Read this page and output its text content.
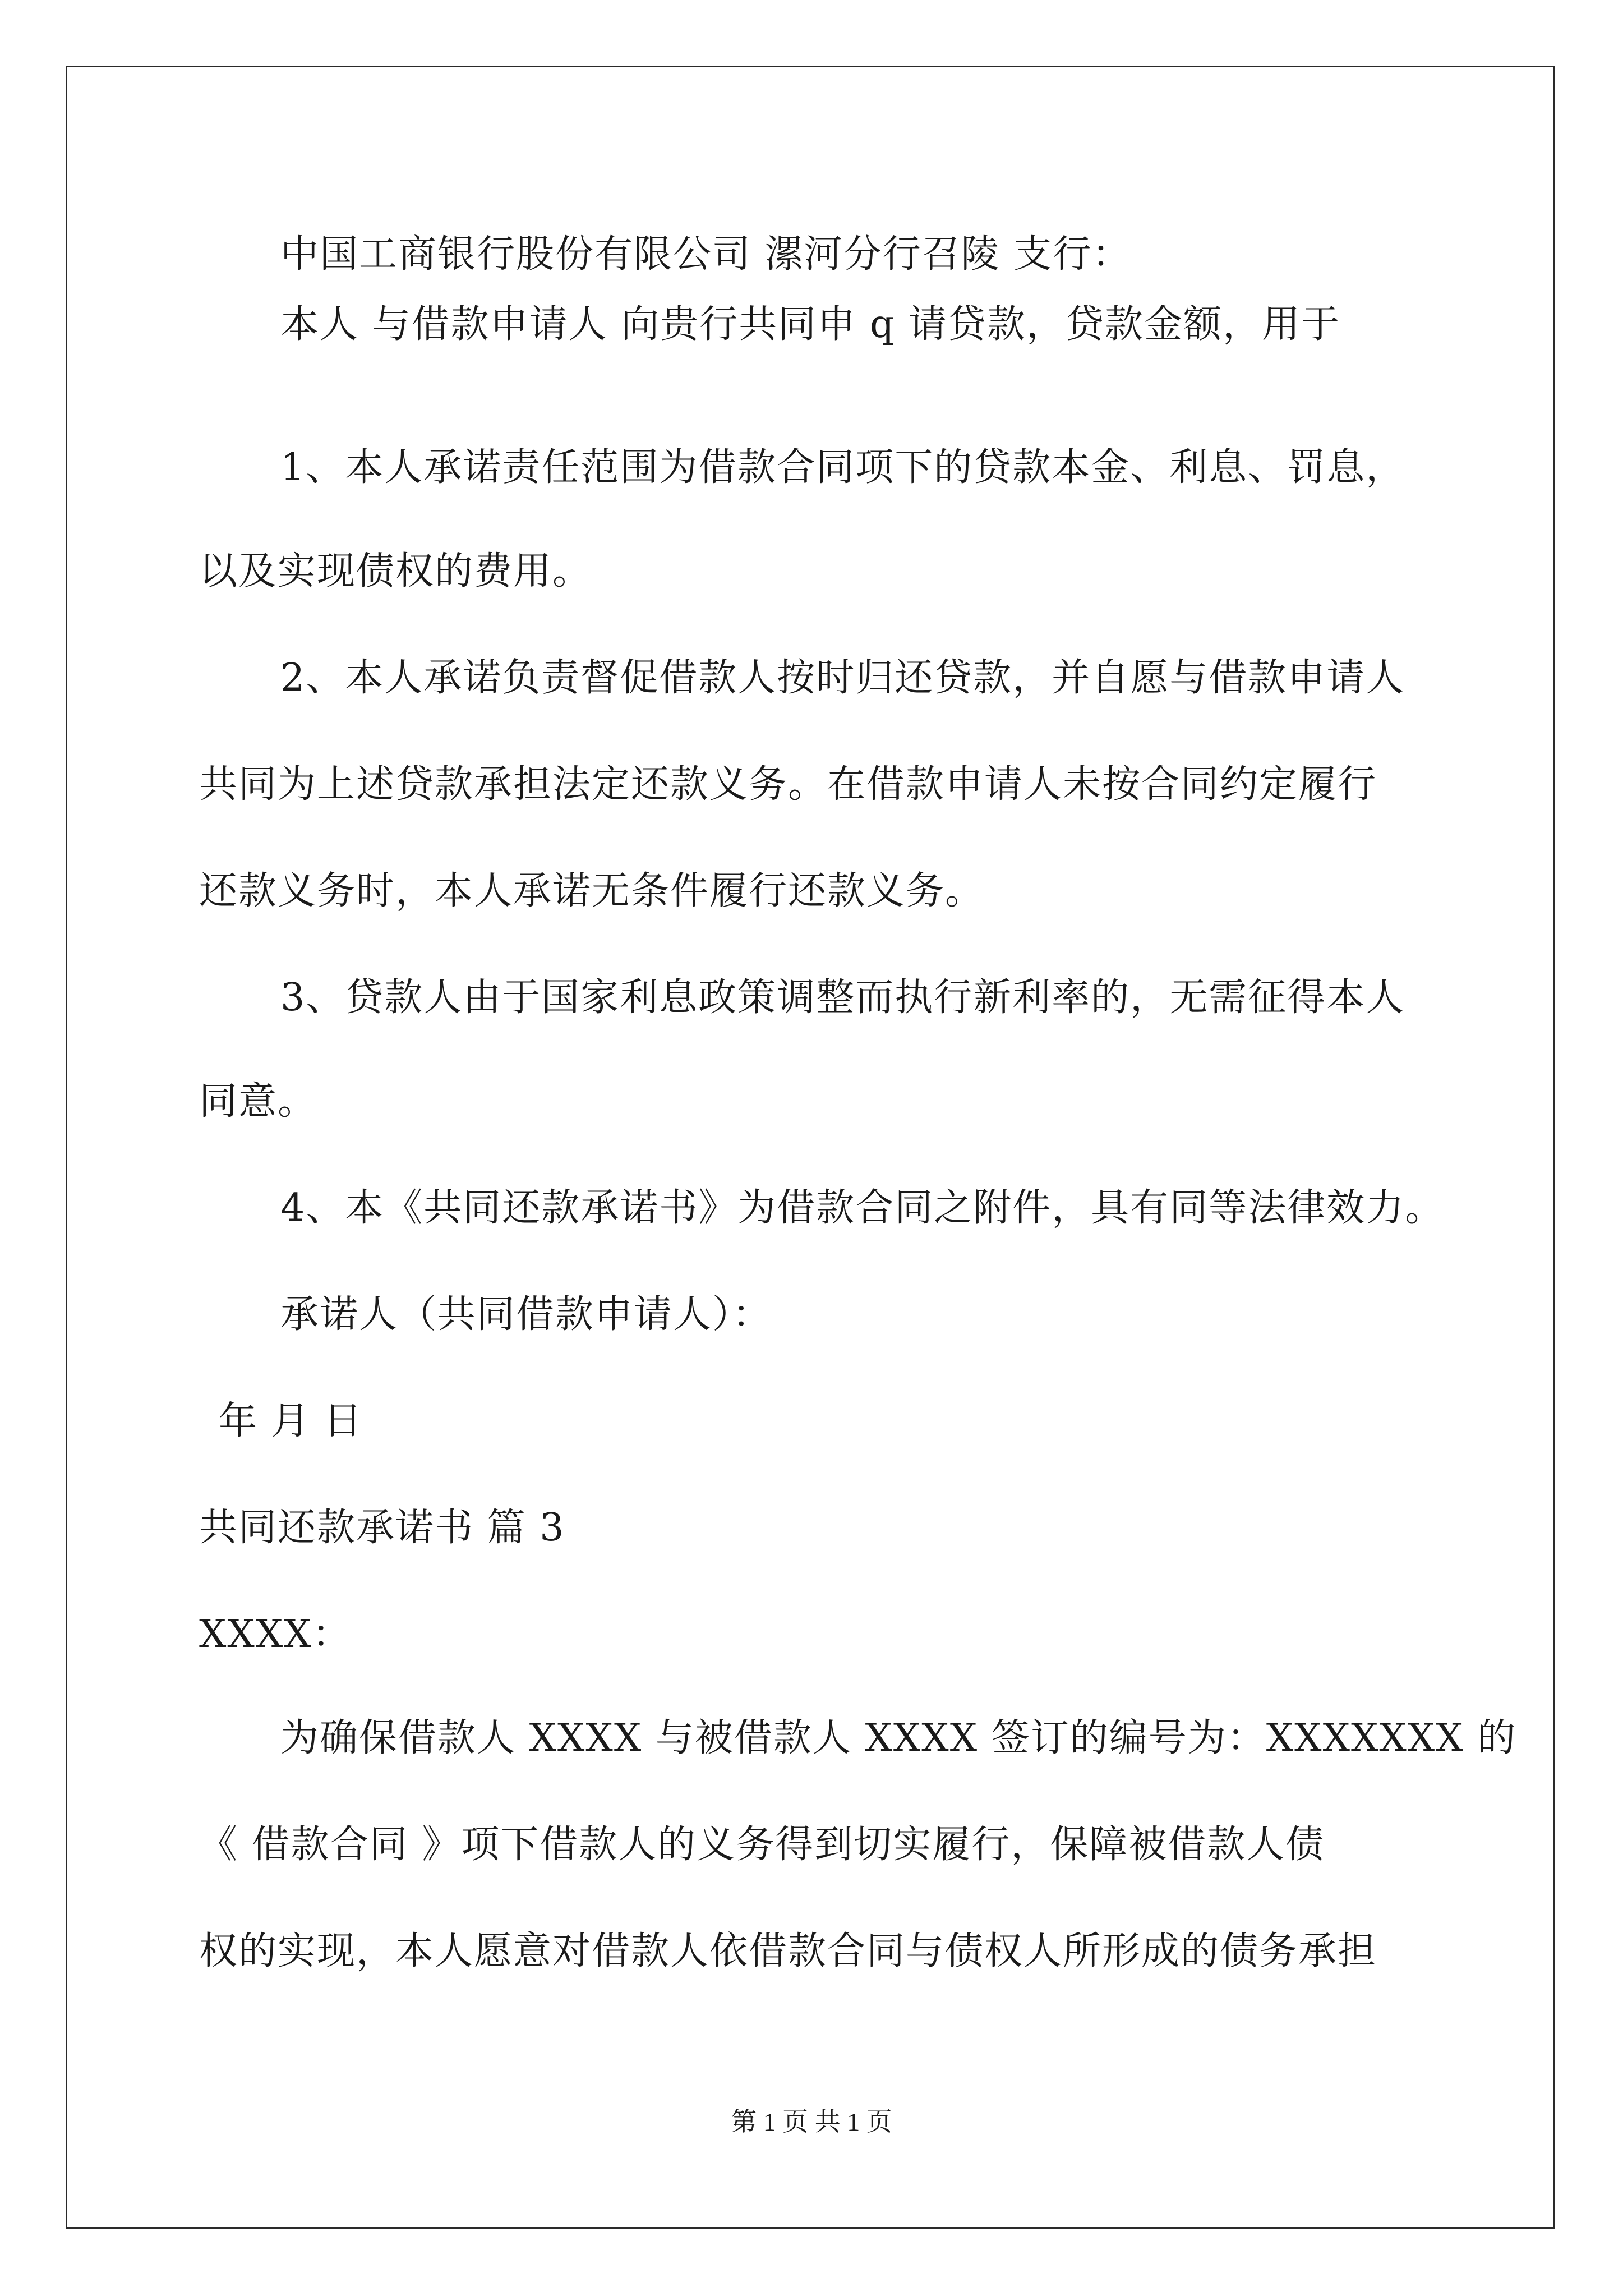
中国工商银行股份有限公司 漯河分行召陵 支行：
本人 与借款申请人 向贵行共同申 q 请贷款，贷款金额，用于
1、本人承诺责任范围为借款合同项下的贷款本金、利息、罚息，
以及实现债权的费用。
2、本人承诺负责督促借款人按时归还贷款，并自愿与借款申请人
共同为上述贷款承担法定还款义务。在借款申请人未按合同约定履行
还款义务时，本人承诺无条件履行还款义务。
3、贷款人由于国家利息政策调整而执行新利率的，无需征得本人
同意。
4、本《共同还款承诺书》为借款合同之附件，具有同等法律效力。
承诺人（共同借款申请人）：
年 月 日
共同还款承诺书 篇 3
XXXX：
为确保借款人 XXXX 与被借款人 XXXX 签订的编号为：XXXXXXX 的
《 借款合同 》项下借款人的义务得到切实履行，保障被借款人债
权的实现，本人愿意对借款人依借款合同与债权人所形成的债务承担
第 1 页 共 1 页
